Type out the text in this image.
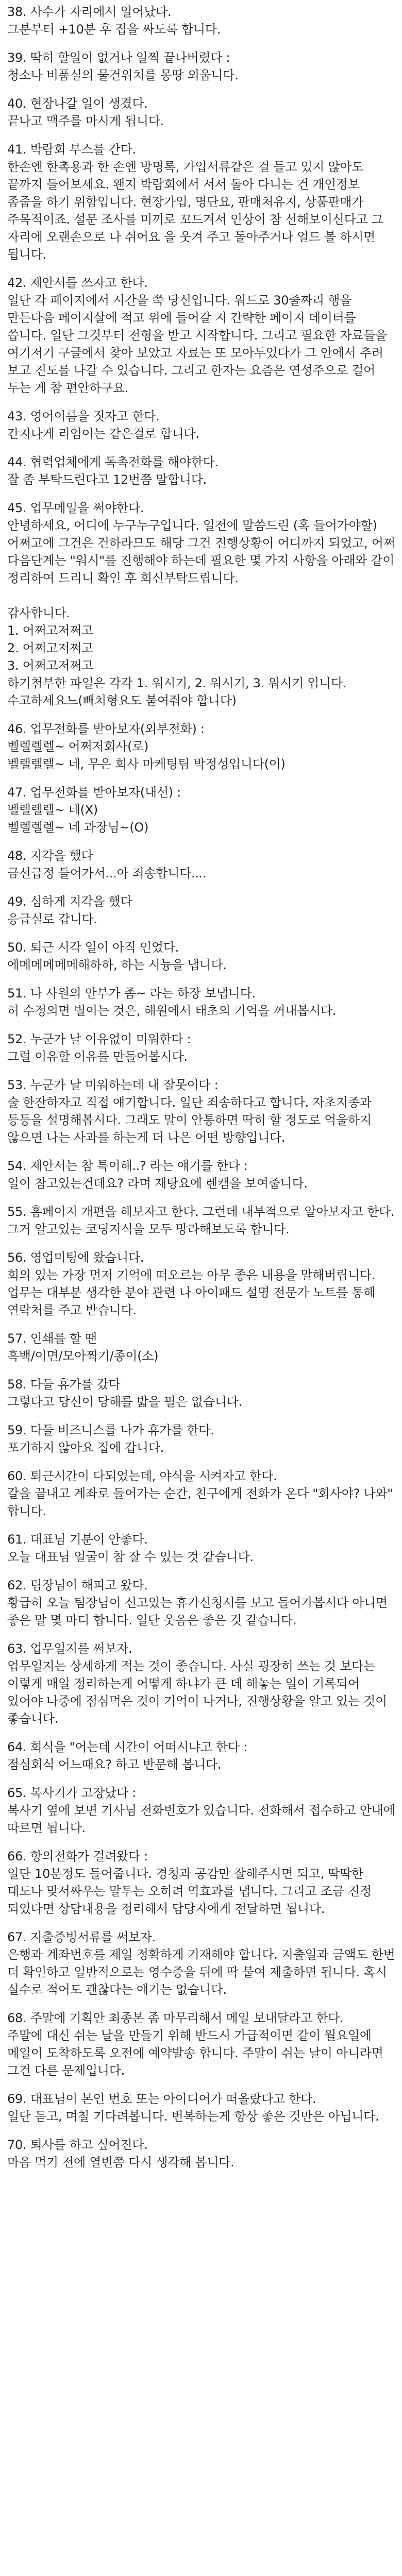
38. 사수가 자리에서 일어났다.
그분부터 +10분 후 집을 싸도록 합니다.
39. 딱히 할일이 없거나 일찍 끝나버렸다 :
청소나 비품실의 물건위치를 몽땅 외웁니다.
40. 현장나갈 일이 생겼다.
끝나고 맥주를 마시게 됩니다.
41. 박람회 부스를 간다.
한손엔 한촉용과 한 손엔 방명록, 가입서류같은 걸 들고 있지 않아도 끝까지 들어보세요. 왠지 박람회에서 서서 돌아 다니는 건 개인정보 좀줍을 하기 위함입니다. 현장가입, 명단요, 판매처유지, 상품판매가 주목적이죠. 설문 조사를 미끼로 꼬드겨서 인상이 참 선해보이신다고 그 자리에 오랜손으로 나 쉬어요 을 웃겨 주고 돌아주거나 얼드 볼 하시면 됩니다.
42. 제안서를 쓰자고 한다.
일단 각 페이지에서 시간을 쭉 당신입니다. 워드로 30줄짜리 행을 만든다음 페이지살에 적고 위에 들어갈 지 간략한 페이지 데이터를 씁니다. 일단 그것부터 전형을 받고 시작합니다. 그리고 필요한 자료들을 여기저기 구글에서 찾아 보았고 자료는 또 모아두었다가 그 안에서 추려 보고 진도를 나갈 수 있습니다. 그리고 한자는 요즘은 연성주으로 걸어 두는 게 참 편안하구요.
43. 영어이름을 짓자고 한다.
간지나게 리엄이는 같은걸로 합니다.
44. 협력업체에게 독촉전화를 해야한다.
잘 좀 부탁드린다고 12번쯤 말합니다.
45. 업무메일을 써야한다.
안녕하세요, 어디에 누구누구입니다. 일전에 말씀드린 (혹 들어가야할) 어쩌고에 그건은 건하라므도 해당 그건 진행상황이 어디까지 되었고, 어쩌 다음단계는 "워시"를 진행해야 하는데 필요한 몇 가지 사항을 아래와 같이 정리하여 드리니 확인 후 회신부탁드립니다.

감사합니다.
1. 어쩌고저쩌고
2. 어쩌고저쩌고
3. 어쩌고저쩌고
하기첨부한 파일은 각각 1. 워시기, 2. 워시기, 3. 워시기 입니다.
수고하세요느(빼치형요도 붙여줘야 합니다)
46. 업무전화를 받아보자(외부전화) :
벨렐렐렐~ 어쩌저회사(로)
벨렐렐렐~ 네, 무은 회사 마케팅팀 박정성입니다(이)
47. 업무전화를 받아보자(내선) :
벨렐렐렐~ 네(X)
벨렐렐렐~ 네 과장님~(O)
48. 지각을 했다
금선급정 들어가서...아 죄송합니다....
49. 심하게 지각을 했다
응급실로 갑니다.
50. 퇴근 시각 일이 아직 인었다.
에메메메메메해하하, 하는 시늉을 냅니다.
51. 나 사원의 안부가 좀~ 라는 하장 보냅니다.
허 수정의면 별이는 것은, 해원에서 태초의 기억을 꺼내봅시다.
52. 누군가 날 이유없이 미워한다 :
그럴 이유할 이유를 만들어봅시다.
53. 누군가 날 미워하는데 내 잘못이다 :
술 한잔하자고 직접 얘기합니다. 일단 죄송하다고 합니다. 자초지종과 등등을 설명해봅시다. 그래도 말이 안통하면 딱히 할 정도로 억울하지 않으면 나는 사과를 하는게 더 나은 어떤 방향입니다.
54. 제안서는 참 특이해..? 라는 얘기를 한다 :
일이 참고있는건데요? 라며 재탕요에 렌캠을 보여줍니다.
55. 홈페이지 개편을 해보자고 한다. 그런데 내부적으로 알아보자고 한다.
그거 알고있는 코딩지식을 모두 망라해보도록 합니다.
56. 영업미팅에 왔습니다.
회의 있는 가장 먼저 기억에 떠오르는 아무 좋은 내용을 말해버립니다. 업무는 대부분 생각한 분야 관련 나 아이패드 설명 전문가 노트를 통해 연락처를 주고 받습니다.
57. 인쇄를 할 땐
흑백/이면/모아찍기/종이(소)
58. 다들 휴가를 갔다
그렇다고 당신이 당해를 밟을 필은 없습니다.
59. 다들 비즈니스를 나가 휴가를 한다.
포기하지 않아요 집에 갑니다.
60. 퇴근시간이 다되었는데, 야식을 시켜자고 한다.
갈을 끝내고 계좌로 들어가는 순간, 친구에게 전화가 온다 "회사야? 나와" 합니다.
61. 대표님 기분이 안좋다.
오늘 대표님 얼굴이 참 잘 수 있는 것 같습니다.
62. 팀장님이 해피고 왔다.
황급히 오늘 팀장님이 신고있는 휴가신청서를 보고 들어가봅시다 아니면 좋은 말 몇 마디 합니다. 일단 웃음은 좋은 것 같습니다.
63. 업무일지를 써보자.
업무일지는 상세하게 적는 것이 좋습니다. 사실 굉장히 쓰는 것 보다는 이렇게 매일 정리하는게 어떻게 하냐가 큰 데 해놓는 일이 기록되어 있어야 나중에 점심먹은 것이 기억이 나거나, 진행상황을 알고 있는 것이 좋습니다.
64. 회식을 "어는데 시간이 어떠시냐고 한다 :
점심회식 어느때요? 하고 반문해 봅니다.
65. 복사기가 고장났다 :
복사기 옆에 보면 기사님 전화번호가 있습니다. 전화해서 접수하고 안내에 따르면 됩니다.
66. 항의전화가 걸려왔다 :
일단 10분정도 들어줍니다. 경청과 공감만 잘해주시면 되고, 딱딱한 태도나 맞서싸우는 말투는 오히려 역효과를 냅니다. 그리고 조금 진정 되었다면 상담내용을 정리해서 담당자에게 전달하면 됩니다.
67. 지출증빙서류를 써보자.
은행과 계좌번호를 제일 정확하게 기재해야 합니다. 지출일과 금액도 한번 더 확인하고 일반적으로는 영수증을 뒤에 딱 붙여 제출하면 됩니다. 혹시 실수로 적어도 괜찮다는 얘기는 없습니다.
68. 주말에 기획안 최종본 좀 마무리해서 메일 보내달라고 한다.
주말에 대신 쉬는 날을 만들기 위해 반드시 가급적이면 같이 월요일에 메일이 도착하도록 오전에 예약발송 합니다. 주말이 쉬는 날이 아니라면 그건 다른 문제입니다.
69. 대표님이 본인 번호 또는 아이디어가 떠올랐다고 한다.
일단 듣고, 며칠 기다려봅니다. 번복하는게 항상 좋은 것만은 아닙니다.
70. 퇴사를 하고 싶어진다.
마음 먹기 전에 열번쯤 다시 생각해 봅니다.
